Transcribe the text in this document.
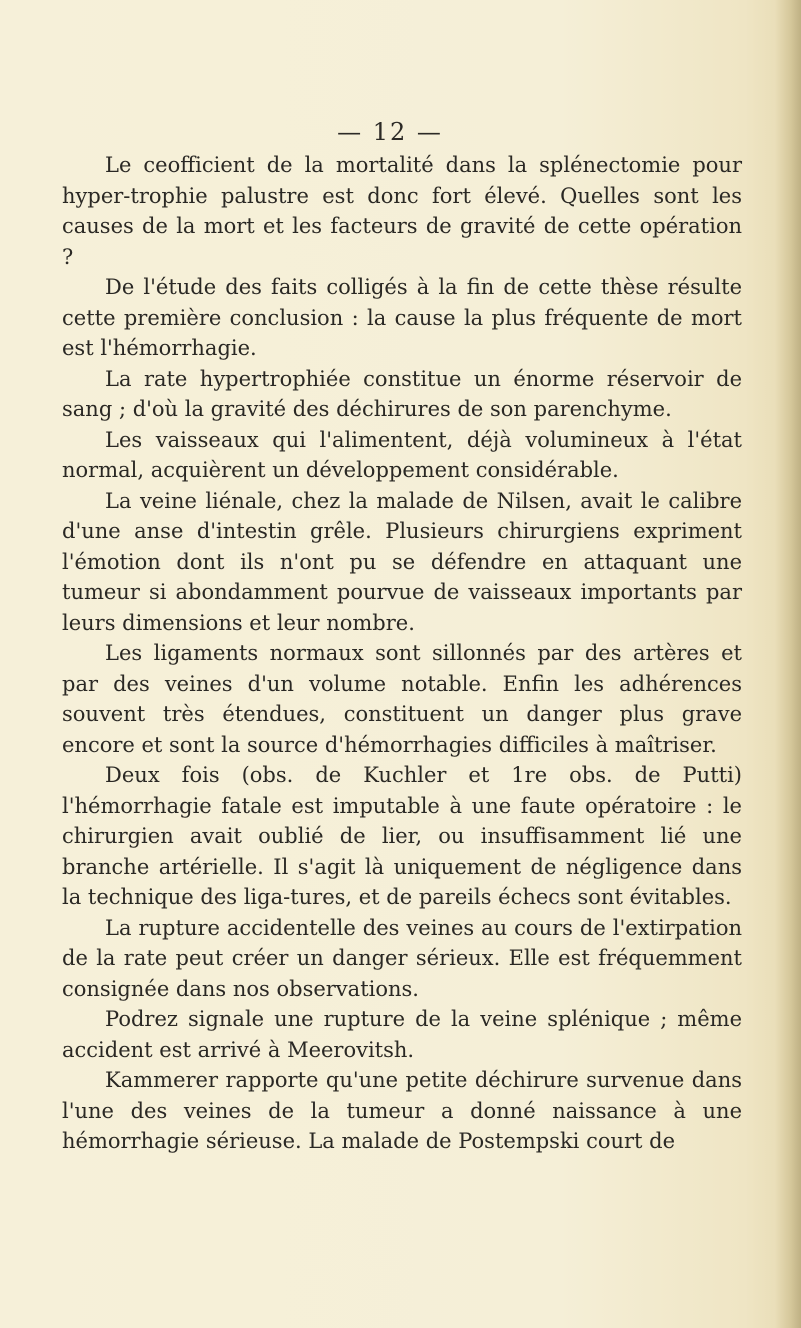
— 12 —

Le ceofficient de la mortalité dans la splénectomie pour hyper-trophie palustre est donc fort élevé. Quelles sont les causes de la mort et les facteurs de gravité de cette opération ?

De l'étude des faits colligés à la fin de cette thèse résulte cette première conclusion : la cause la plus fréquente de mort est l'hémorrhagie.

La rate hypertrophiée constitue un énorme réservoir de sang ; d'où la gravité des déchirures de son parenchyme.

Les vaisseaux qui l'alimentent, déjà volumineux à l'état normal, acquièrent un développement considérable.

La veine liénale, chez la malade de Nilsen, avait le calibre d'une anse d'intestin grêle. Plusieurs chirurgiens expriment l'émotion dont ils n'ont pu se défendre en attaquant une tumeur si abondamment pourvue de vaisseaux importants par leurs dimensions et leur nombre.

Les ligaments normaux sont sillonnés par des artères et par des veines d'un volume notable. Enfin les adhérences souvent très étendues, constituent un danger plus grave encore et sont la source d'hémorrhagies difficiles à maîtriser.

Deux fois (obs. de Kuchler et 1re obs. de Putti) l'hémorrhagie fatale est imputable à une faute opératoire : le chirurgien avait oublié de lier, ou insuffisamment lié une branche artérielle. Il s'agit là uniquement de négligence dans la technique des liga-tures, et de pareils échecs sont évitables.

La rupture accidentelle des veines au cours de l'extirpation de la rate peut créer un danger sérieux. Elle est fréquemment consignée dans nos observations.

Podrez signale une rupture de la veine splénique ; même accident est arrivé à Meerovitsh.

Kammerer rapporte qu'une petite déchirure survenue dans l'une des veines de la tumeur a donné naissance à une hémorrhagie sérieuse. La malade de Postempski court de
